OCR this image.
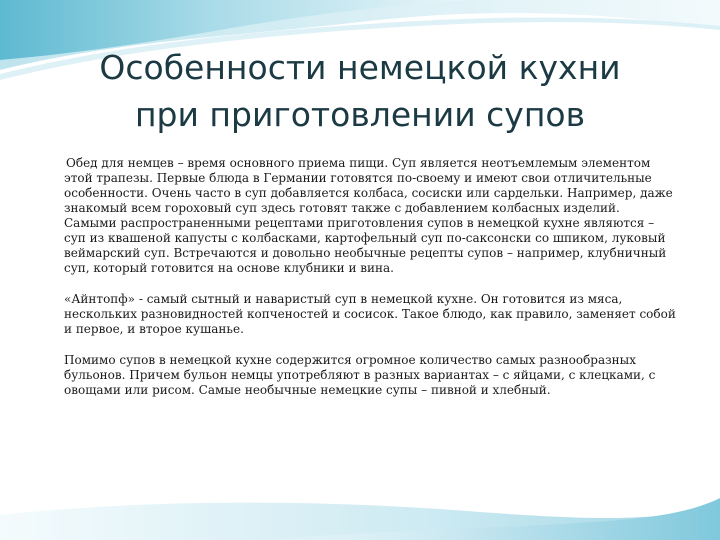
Особенности немецкой кухни
при приготовлении супов

Обед для немцев – время основного приема пищи. Суп является неотъемлемым элементом этой трапезы. Первые блюда в Германии готовятся по-своему и имеют свои отличительные особенности. Очень часто в суп добавляется колбаса, сосиски или сардельки. Например, даже знакомый всем гороховый суп здесь готовят также с добавлением колбасных изделий. Самыми распространенными рецептами приготовления супов в немецкой кухне являются – суп из квашеной капусты с колбасками, картофельный суп по-саксонски со шпиком, луковый веймарский суп. Встречаются и довольно необычные рецепты супов – например, клубничный суп, который готовится на основе клубники и вина.

«Айнтопф» - самый сытный и наваристый суп в немецкой кухне. Он готовится из мяса, нескольких разновидностей копченостей и сосисок. Такое блюдо, как правило, заменяет собой и первое, и второе кушанье.

Помимо супов в немецкой кухне содержится огромное количество самых разнообразных бульонов. Причем бульон немцы употребляют в разных вариантах – с яйцами, с клецками, с овощами или рисом. Самые необычные немецкие супы – пивной и хлебный.
